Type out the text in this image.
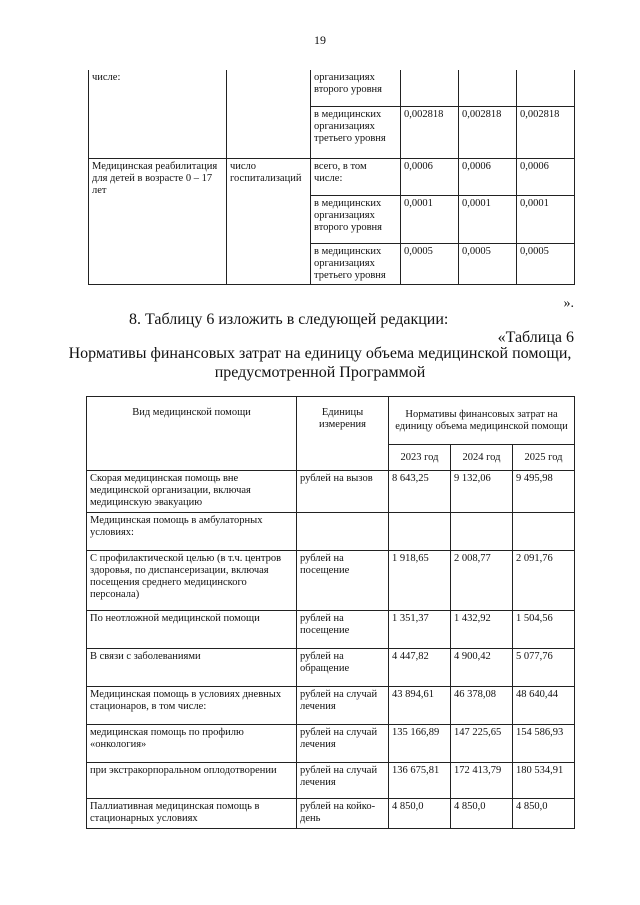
19
числе:		организациях второго уровня			
		в медицинских организациях третьего уровня	0,002818	0,002818	0,002818
Медицинская реабилитация для детей в возрасте 0 – 17 лет	число госпитализаций	всего, в том числе:	0,0006	0,0006	0,0006
		в медицинских организациях второго уровня	0,0001	0,0001	0,0001
		в медицинских организациях третьего уровня	0,0005	0,0005	0,0005
».
8. Таблицу 6 изложить в следующей редакции:
«Таблица 6
Нормативы финансовых затрат на единицу объема медицинской помощи, предусмотренной Программой
Вид медицинской помощи	Единицы измерения	Нормативы финансовых затрат на единицу объема медицинской помощи		
		2023 год	2024 год	2025 год
Скорая медицинская помощь вне медицинской организации, включая медицинскую эвакуацию	рублей на вызов	8 643,25	9 132,06	9 495,98
Медицинская помощь в амбулаторных условиях:				
С профилактической целью (в т.ч. центров здоровья, по диспансеризации, включая посещения среднего медицинского персонала)	рублей на посещение	1 918,65	2 008,77	2 091,76
По неотложной медицинской помощи	рублей на посещение	1 351,37	1 432,92	1 504,56
В связи с заболеваниями	рублей на обращение	4 447,82	4 900,42	5 077,76
Медицинская помощь в условиях дневных стационаров, в том числе:	рублей на случай лечения	43 894,61	46 378,08	48 640,44
медицинская помощь по профилю «онкология»	рублей на случай лечения	135 166,89	147 225,65	154 586,93
при экстракорпоральном оплодотворении	рублей на случай лечения	136 675,81	172 413,79	180 534,91
Паллиативная медицинская помощь в стационарных условиях	рублей на койко-день	4 850,0	4 850,0	4 850,0
